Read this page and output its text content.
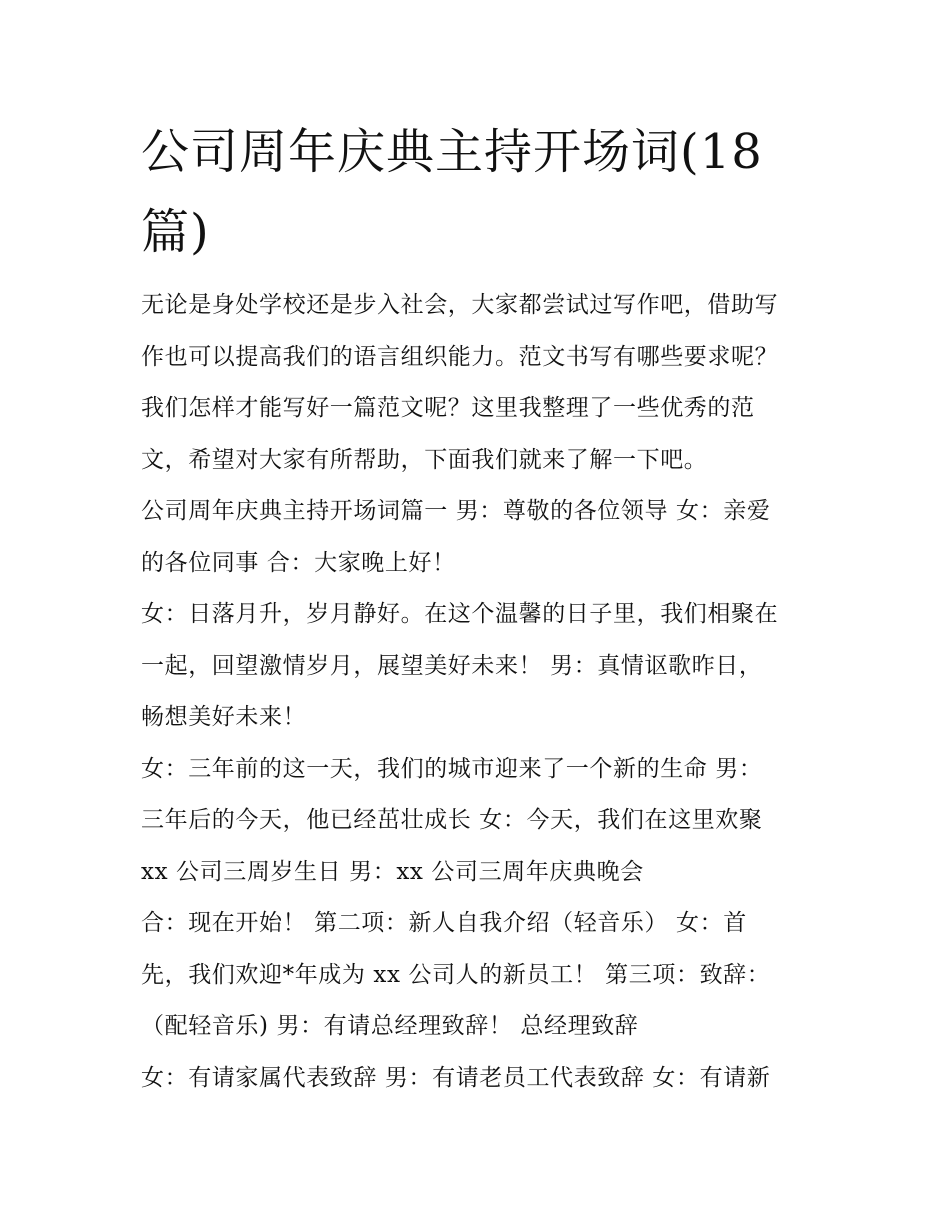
公司周年庆典主持开场词(18篇)
无论是身处学校还是步入社会，大家都尝试过写作吧，借助写
作也可以提高我们的语言组织能力。范文书写有哪些要求呢？
我们怎样才能写好一篇范文呢？这里我整理了一些优秀的范
文，希望对大家有所帮助，下面我们就来了解一下吧。
公司周年庆典主持开场词篇一 男：尊敬的各位领导 女：亲爱
的各位同事 合：大家晚上好！
女：日落月升，岁月静好。在这个温馨的日子里，我们相聚在
一起，回望激情岁月，展望美好未来！ 男：真情讴歌昨日，
畅想美好未来！
女：三年前的这一天，我们的城市迎来了一个新的生命 男：
三年后的今天，他已经茁壮成长 女：今天，我们在这里欢聚
xx 公司三周岁生日 男：xx 公司三周年庆典晚会
合：现在开始！ 第二项：新人自我介绍（轻音乐） 女：首
先，我们欢迎*年成为 xx 公司人的新员工！ 第三项：致辞：
（配轻音乐) 男：有请总经理致辞！ 总经理致辞
女：有请家属代表致辞 男：有请老员工代表致辞 女：有请新
